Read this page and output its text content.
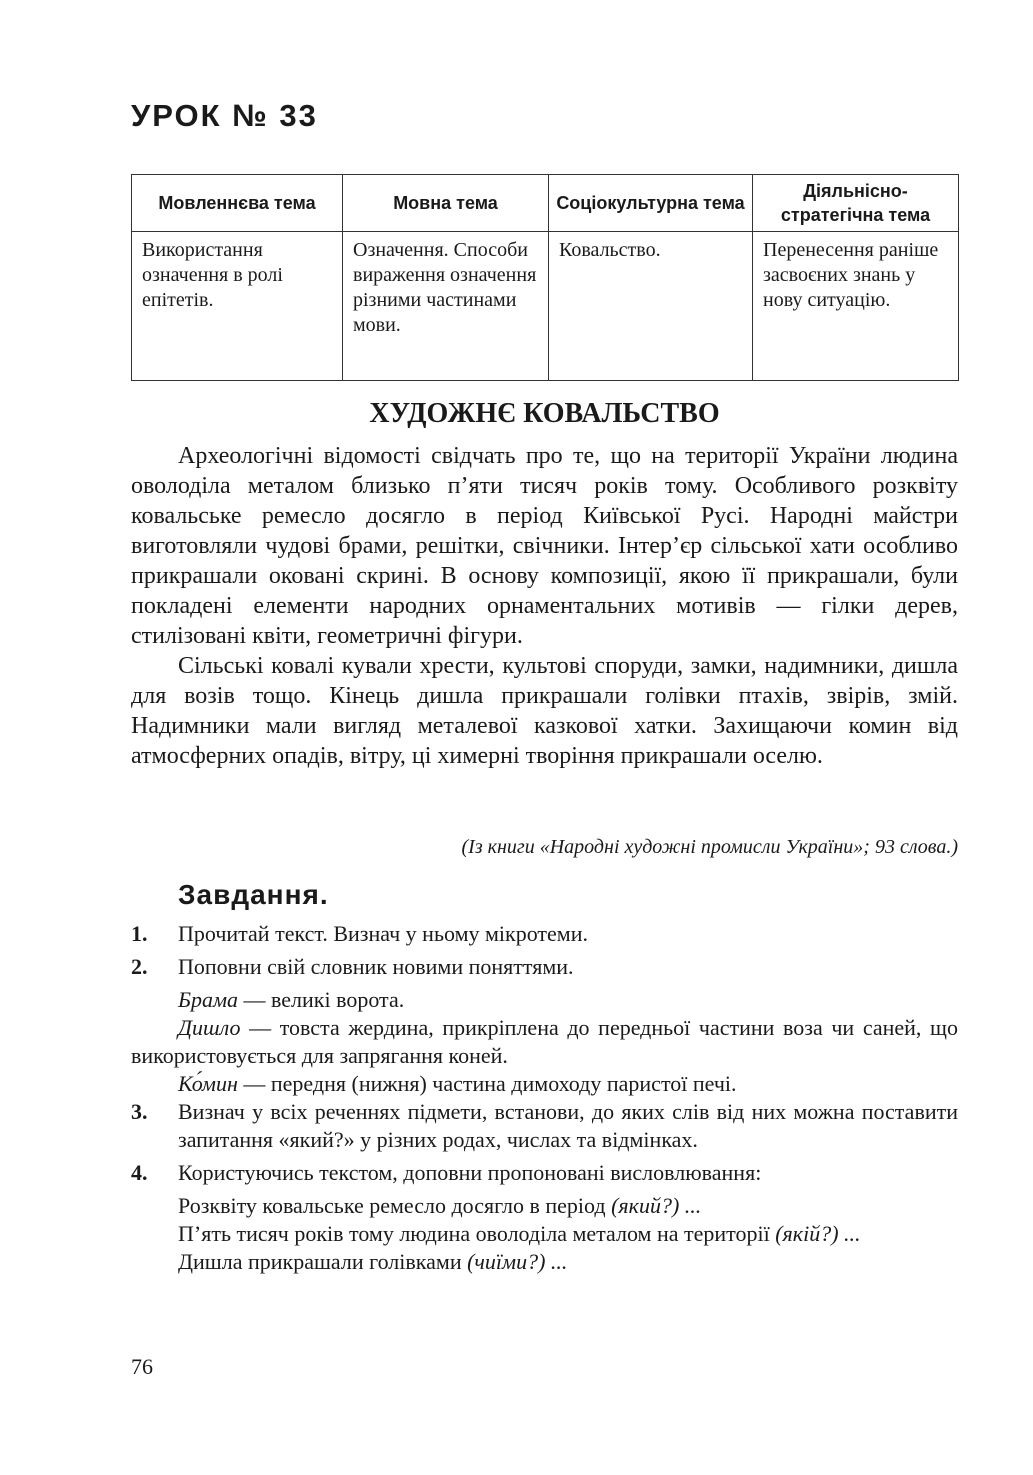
УРОК № 33
Мовленнєва тема	Мовна тема	Соціокультурна тема	Діяльнісно-стратегічна тема
Використання означення в ролі епітетів.	Означення. Способи вираження означення різними частинами мови.	Ковальство.	Перенесення раніше засвоєних знань у нову ситуацію.
ХУДОЖНЄ КОВАЛЬСТВО

Археологічні відомості свідчать про те, що на території України людина оволоділа металом близько п’яти тисяч років тому. Особливого розквіту ковальське ремесло досягло в період Київської Русі. Народні майстри виготовляли чудові брами, решітки, свічники. Інтер’єр сільської хати особливо прикрашали оковані скрині. В основу композиції, якою її прикрашали, були покладені елементи народних орнаментальних мотивів — гілки дерев, стилізовані квіти, геометричні фігури.

Сільські ковалі кували хрести, культові споруди, замки, надимники, дишла для возів тощо. Кінець дишла прикрашали голівки птахів, звірів, змій. Надимники мали вигляд металевої казкової хатки. Захищаючи комин від атмосферних опадів, вітру, ці химерні творіння прикрашали оселю.

(Із книги «Народні художні промисли України»; 93 слова.)
Завдання.
1. Прочитай текст. Визнач у ньому мікротеми.
2. Поповни свій словник новими поняттями.
Брама — великі ворота.
Дишло — товста жердина, прикріплена до передньої частини воза чи саней, що використовується для запрягання коней.
Ко́мин — передня (нижня) частина димоходу паристої печі.
3. Визнач у всіх реченнях підмети, встанови, до яких слів від них можна поставити запитання «який?» у різних родах, числах та відмінках.
4. Користуючись текстом, доповни пропоновані висловлювання:
Розквіту ковальське ремесло досягло в період (який?) ...
П’ять тисяч років тому людина оволоділа металом на території (якій?) ...
Дишла прикрашали голівками (чиїми?) ...
76
